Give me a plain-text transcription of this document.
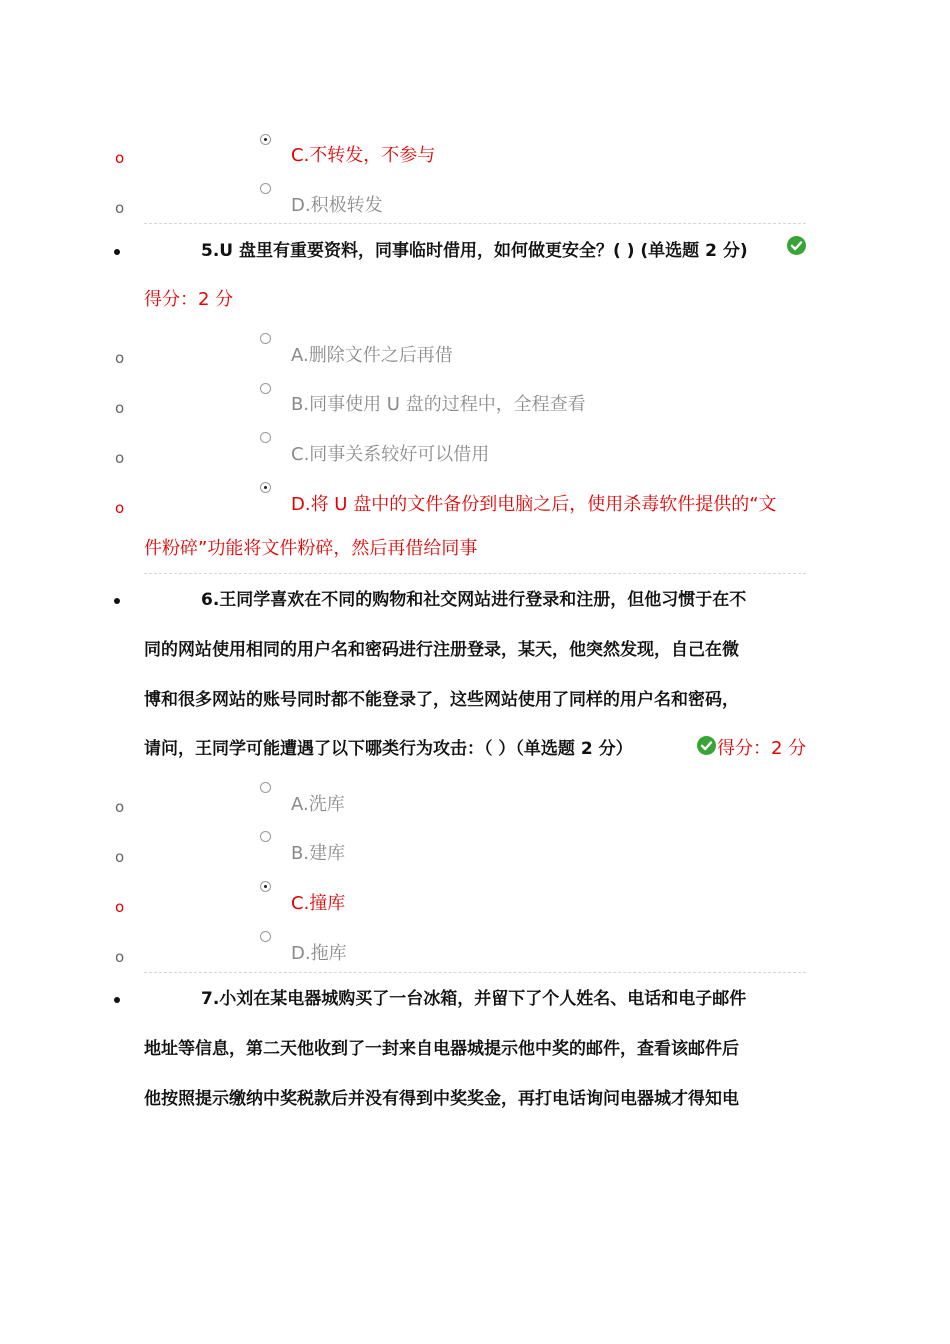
o	C.不转发，不参与
o	D.积极转发
5.U 盘里有重要资料，同事临时借用，如何做更安全？( ) (单选题 2 分)
得分：2 分
o	A.删除文件之后再借
o	B.同事使用 U 盘的过程中，全程查看
o	C.同事关系较好可以借用
o	D.将 U 盘中的文件备份到电脑之后，使用杀毒软件提供的“文
件粉碎”功能将文件粉碎，然后再借给同事
6.王同学喜欢在不同的购物和社交网站进行登录和注册，但他习惯于在不
同的网站使用相同的用户名和密码进行注册登录，某天，他突然发现，自己在微
博和很多网站的账号同时都不能登录了，这些网站使用了同样的用户名和密码，
请问，王同学可能遭遇了以下哪类行为攻击：（ ）（单选题 2 分）	得分：2 分
o	A.洗库
o	B.建库
o	C.撞库
o	D.拖库
7.小刘在某电器城购买了一台冰箱，并留下了个人姓名、电话和电子邮件
地址等信息，第二天他收到了一封来自电器城提示他中奖的邮件，查看该邮件后
他按照提示缴纳中奖税款后并没有得到中奖奖金，再打电话询问电器城才得知电
